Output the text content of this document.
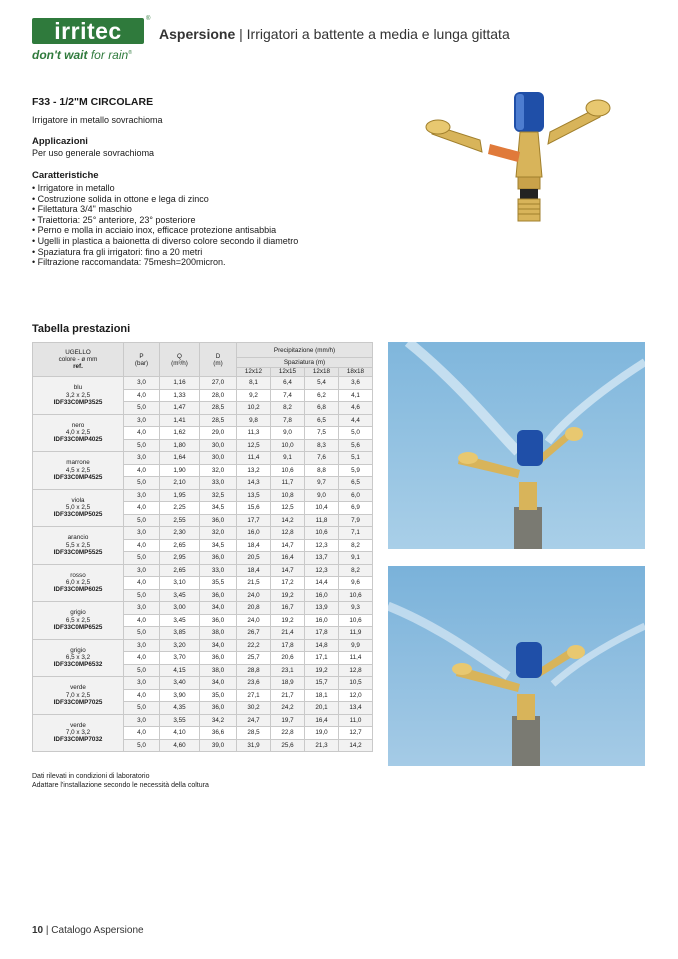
irritec	®
don't wait for rain®
Aspersione | Irrigatori a battente a media e lunga gittata
F33 - 1/2"M CIRCOLARE
Irrigatore in metallo sovrachioma
Applicazioni
Per uso generale sovrachioma
Caratteristiche
• Irrigatore in metallo
• Costruzione solida in ottone e lega di zinco
• Filettatura 3/4" maschio
• Traiettoria: 25° anteriore, 23° posteriore
• Perno e molla in acciaio inox, efficace protezione antisabbia
• Ugelli in plastica a baionetta di diverso colore secondo il diametro
• Spaziatura fra gli irrigatori: fino a 20 metri
• Filtrazione raccomandata: 75mesh=200micron.
Tabella prestazioni
UGELLO
colore - ø mm
ref.	P
(bar)	Q
(m³/h)	D
(m)	Precipitazione (mm/h)			
				Spaziatura (m)			
				12x12	12x15	12x18	18x18
blu
3,2 x 2,5
IDF33C0MP3525	3,0	1,16	27,0	8,1	6,4	5,4	3,6
	4,0	1,33	28,0	9,2	7,4	6,2	4,1
	5,0	1,47	28,5	10,2	8,2	6,8	4,6
nero
4,0 x 2,5
IDF33C0MP4025	3,0	1,41	28,5	9,8	7,8	6,5	4,4
	4,0	1,62	29,0	11,3	9,0	7,5	5,0
	5,0	1,80	30,0	12,5	10,0	8,3	5,6
marrone
4,5 x 2,5
IDF33C0MP4525	3,0	1,64	30,0	11,4	9,1	7,6	5,1
	4,0	1,90	32,0	13,2	10,6	8,8	5,9
	5,0	2,10	33,0	14,3	11,7	9,7	6,5
viola
5,0 x 2,5
IDF33C0MP5025	3,0	1,95	32,5	13,5	10,8	9,0	6,0
	4,0	2,25	34,5	15,6	12,5	10,4	6,9
	5,0	2,55	36,0	17,7	14,2	11,8	7,9
arancio
5,5 x 2,5
IDF33C0MP5525	3,0	2,30	32,0	16,0	12,8	10,6	7,1
	4,0	2,65	34,5	18,4	14,7	12,3	8,2
	5,0	2,95	36,0	20,5	16,4	13,7	9,1
rosso
6,0 x 2,5
IDF33C0MP6025	3,0	2,65	33,0	18,4	14,7	12,3	8,2
	4,0	3,10	35,5	21,5	17,2	14,4	9,6
	5,0	3,45	36,0	24,0	19,2	16,0	10,6
grigio
6,5 x 2,5
IDF33C0MP6525	3,0	3,00	34,0	20,8	16,7	13,9	9,3
	4,0	3,45	36,0	24,0	19,2	16,0	10,6
	5,0	3,85	38,0	26,7	21,4	17,8	11,9
grigio
6,5 x 3,2
IDF33C0MP6532	3,0	3,20	34,0	22,2	17,8	14,8	9,9
	4,0	3,70	36,0	25,7	20,6	17,1	11,4
	5,0	4,15	38,0	28,8	23,1	19,2	12,8
verde
7,0 x 2,5
IDF33C0MP7025	3,0	3,40	34,0	23,6	18,9	15,7	10,5
	4,0	3,90	35,0	27,1	21,7	18,1	12,0
	5,0	4,35	36,0	30,2	24,2	20,1	13,4
verde
7,0 x 3,2
IDF33C0MP7032	3,0	3,55	34,2	24,7	19,7	16,4	11,0
	4,0	4,10	36,6	28,5	22,8	19,0	12,7
	5,0	4,60	39,0	31,9	25,6	21,3	14,2
Dati rilevati in condizioni di laboratorio
Adattare l'installazione secondo le necessità della coltura
10 | Catalogo Aspersione
